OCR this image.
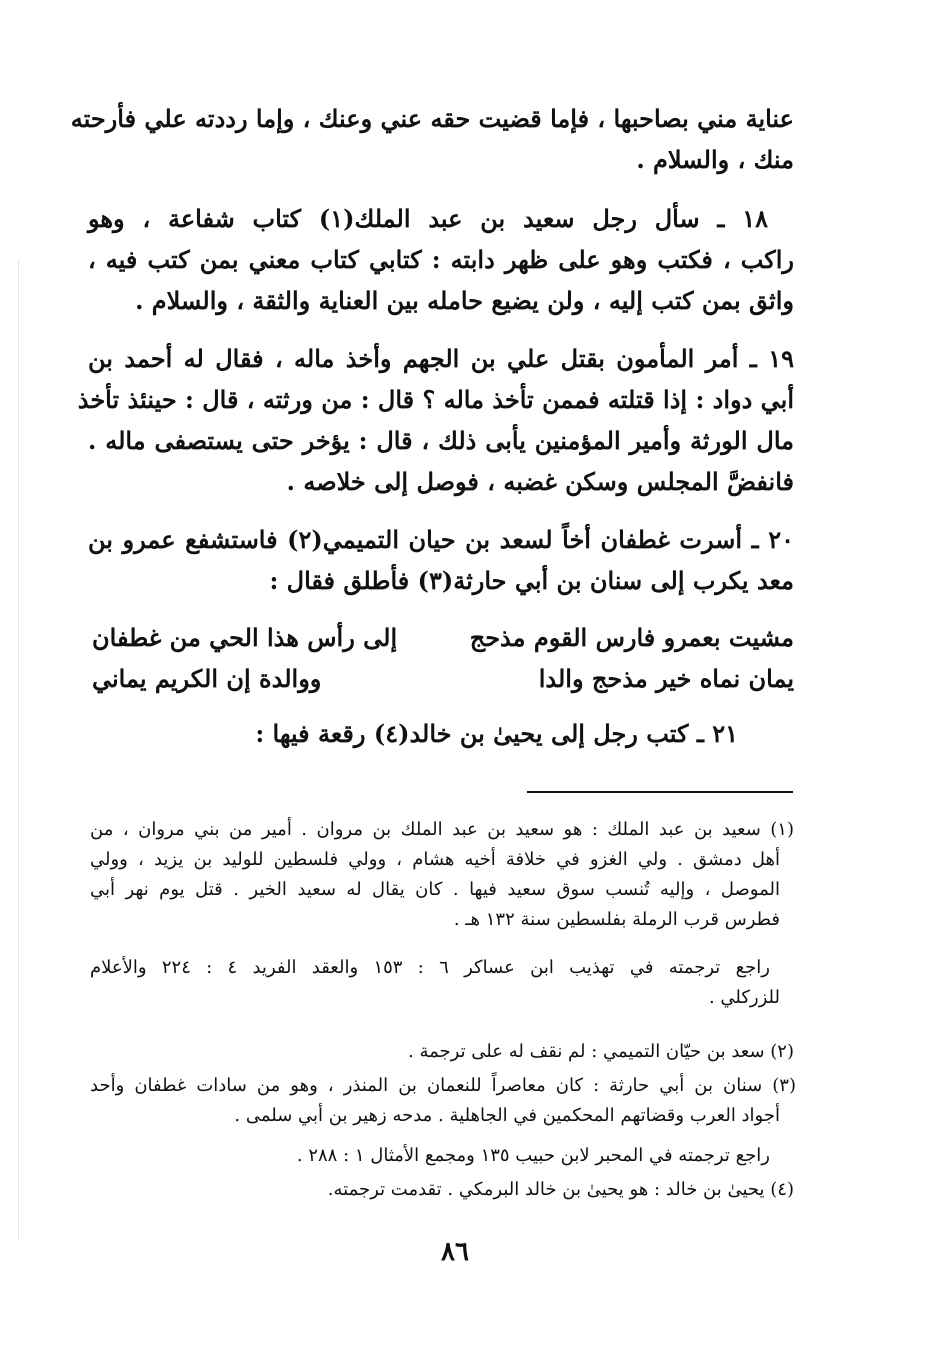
عناية مني بصاحبها ، فإما قضيت حقه عني وعنك ، وإما رددته علي فأرحته
منك ، والسلام .
١٨ ـ سأل رجل سعيد بن عبد الملك(١) كتاب شفاعة ، وهو
راكب ، فكتب وهو على ظهر دابته : كتابي كتاب معني بمن كتب فيه ،
واثق بمن كتب إليه ، ولن يضيع حامله بين العناية والثقة ، والسلام .
١٩ ـ أمر المأمون بقتل علي بن الجهم وأخذ ماله ، فقال له أحمد بن
أبي دواد : إذا قتلته فممن تأخذ ماله ؟ قال : من ورثته ، قال : حينئذ تأخذ
مال الورثة وأمير المؤمنين يأبى ذلك ، قال : يؤخر حتى يستصفى ماله .
فانفضَّ المجلس وسكن غضبه ، فوصل إلى خلاصه .
٢٠ ـ أسرت غطفان أخاً لسعد بن حيان التميمي(٢) فاستشفع عمرو بن
معد يكرب إلى سنان بن أبي حارثة(٣) فأطلق فقال :
مشيت بعمرو فارس القوم مذحج
إلى رأس هذا الحي من غطفان
يمان نماه خير مذحج والدا
ووالدة إن الكريم يماني
٢١ ـ كتب رجل إلى يحيىٰ بن خالد(٤) رقعة فيها :
(١) سعيد بن عبد الملك : هو سعيد بن عبد الملك بن مروان . أمير من بني مروان ، من
أهل دمشق . ولي الغزو في خلافة أخيه هشام ، وولي فلسطين للوليد بن يزيد ، وولي
الموصل ، وإليه تُنسب سوق سعيد فيها . كان يقال له سعيد الخير . قتل يوم نهر أبي
فطرس قرب الرملة بفلسطين سنة ١٣٢ هـ .
راجع ترجمته في تهذيب ابن عساكر ٦ : ١٥٣ والعقد الفريد ٤ : ٢٢٤ والأعلام
للزركلي .
(٢) سعد بن حيّان التميمي : لم نقف له على ترجمة .
(٣) سنان بن أبي حارثة : كان معاصراً للنعمان بن المنذر ، وهو من سادات غطفان وأحد
أجواد العرب وقضاتهم المحكمين في الجاهلية . مدحه زهير بن أبي سلمى .
راجع ترجمته في المحبر لابن حبيب ١٣٥ ومجمع الأمثال ١ : ٢٨٨ .
(٤) يحيىٰ بن خالد : هو يحيىٰ بن خالد البرمكي . تقدمت ترجمته.
٨٦
